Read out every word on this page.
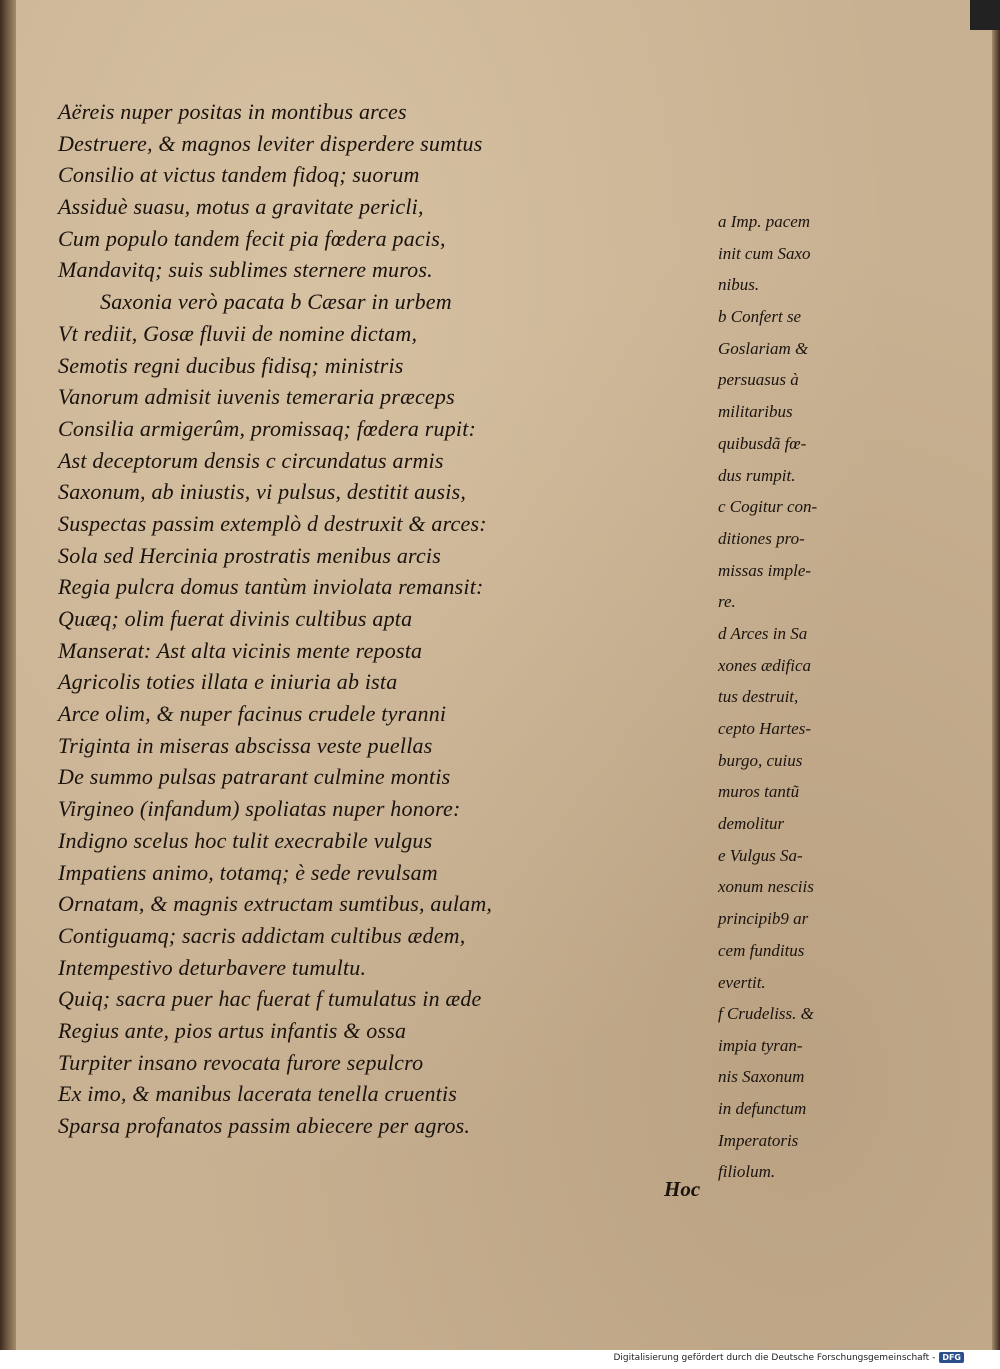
Aëreis nuper positas in montibus arces
Destruere, & magnos leviter disperdere sumtus
Consilio at victus tandem fidoq; suorum
Assiduè suasu, motus a gravitate pericli,
Cum populo tandem fecit pia fœdera pacis,
Mandavitq; suis sublimes sternere muros.
Saxonia verò pacata b Cæsar in urbem
Vt rediit, Gosæ fluvii de nomine dictam,
Semotis regni ducibus fidisq; ministris
Vanorum admisit iuvenis temeraria præceps
Consilia armigerûm, promissaq; fœdera rupit:
Ast deceptorum densis c circundatus armis
Saxonum, ab iniustis, vi pulsus, destitit ausis,
Suspectas passim extemplò d destruxit & arces:
Sola sed Hercinia prostratis menibus arcis
Regia pulcra domus tantùm inviolata remansit:
Quæq; olim fuerat divinis cultibus apta
Manserat: Ast alta vicinis mente reposta
Agricolis toties illata e iniuria ab ista
Arce olim, & nuper facinus crudele tyranni
Triginta in miseras abscissa veste puellas
De summo pulsas patrarant culmine montis
Virgineo (infandum) spoliatas nuper honore:
Indigno scelus hoc tulit execrabile vulgus
Impatiens animo, totamq; è sede revulsam
Ornatam, & magnis extructam sumtibus, aulam,
Contiguamq; sacris addictam cultibus ædem,
Intempestivo deturbavere tumultu.
Quiq; sacra puer hac fuerat f tumulatus in æde
Regius ante, pios artus infantis & ossa
Turpiter insano revocata furore sepulcro
Ex imo, & manibus lacerata tenella cruentis
Sparsa profanatos passim abiecere per agros.
a Imp. pacem
init cum Saxo
nibus.
b Confert se
Goslariam &
persuasus à
militaribus
quibusdã fœ-
dus rumpit.
c Cogitur con-
ditiones pro-
missas imple-
re.
d Arces in Sa
xones ædifica
tus destruit,
cepto Hartes-
burgo, cuius
muros tantũ
demolitur
e Vulgus Sa-
xonum nesciis
principib9 ar
cem funditus
evertit.
f Crudeliss. &
impia tyran-
nis Saxonum
in defunctum
Imperatoris
filiolum.
Hoc
Digitalisierung gefördert durch die Deutsche Forschungsgemeinschaft - DFG
